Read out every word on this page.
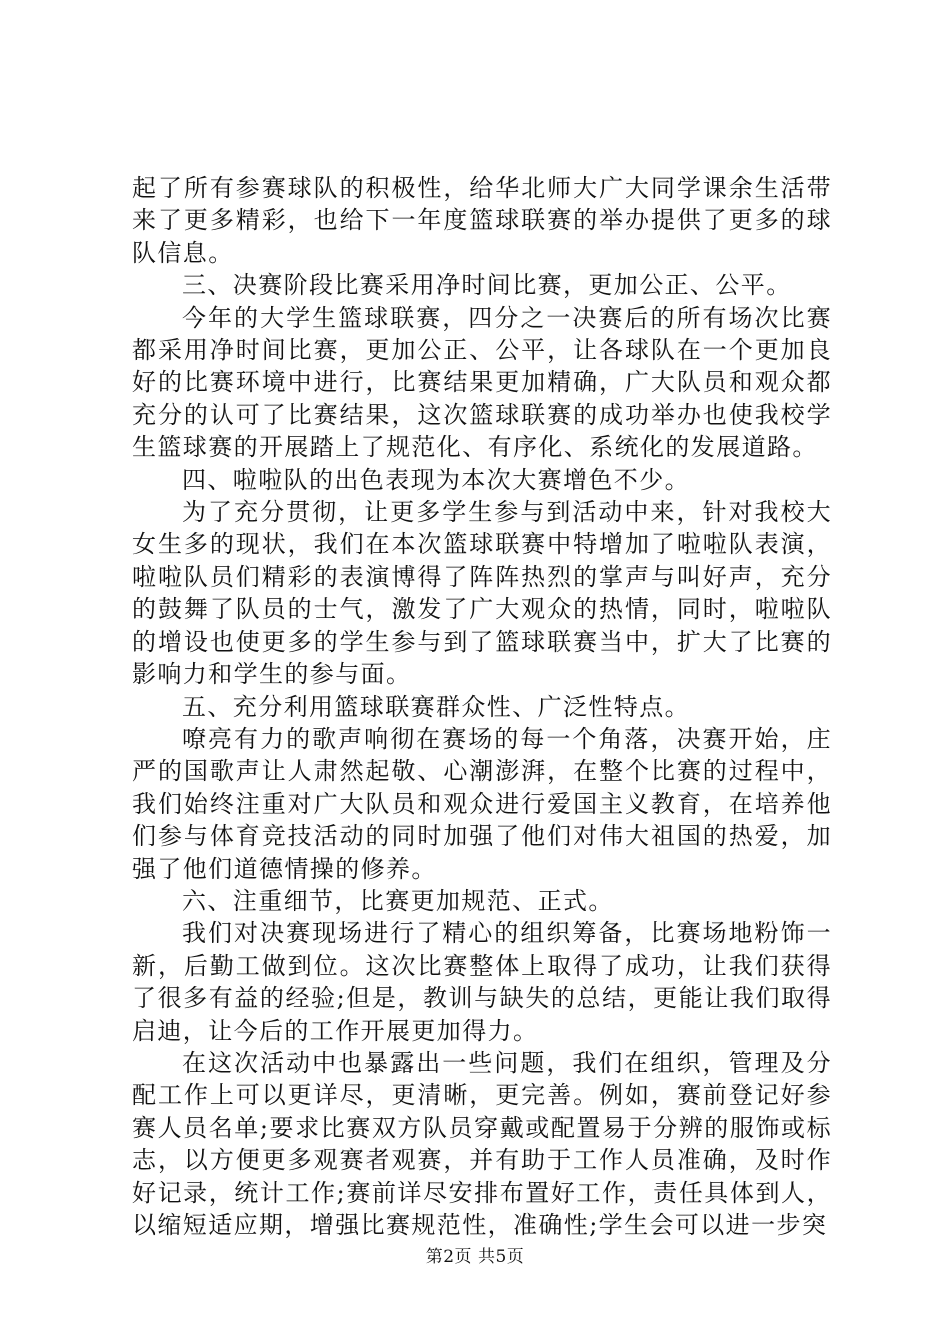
起了所有参赛球队的积极性，给华北师大广大同学课余生活带来了更多精彩，也给下一年度篮球联赛的举办提供了更多的球队信息。

三、决赛阶段比赛采用净时间比赛，更加公正、公平。

今年的大学生篮球联赛，四分之一决赛后的所有场次比赛都采用净时间比赛，更加公正、公平，让各球队在一个更加良好的比赛环境中进行，比赛结果更加精确，广大队员和观众都充分的认可了比赛结果，这次篮球联赛的成功举办也使我校学生篮球赛的开展踏上了规范化、有序化、系统化的发展道路。

四、啦啦队的出色表现为本次大赛增色不少。

为了充分贯彻，让更多学生参与到活动中来，针对我校大女生多的现状，我们在本次篮球联赛中特增加了啦啦队表演，啦啦队员们精彩的表演博得了阵阵热烈的掌声与叫好声，充分的鼓舞了队员的士气，激发了广大观众的热情，同时，啦啦队的增设也使更多的学生参与到了篮球联赛当中，扩大了比赛的影响力和学生的参与面。

五、充分利用篮球联赛群众性、广泛性特点。

嘹亮有力的歌声响彻在赛场的每一个角落，决赛开始，庄严的国歌声让人肃然起敬、心潮澎湃，在整个比赛的过程中，我们始终注重对广大队员和观众进行爱国主义教育，在培养他们参与体育竞技活动的同时加强了他们对伟大祖国的热爱，加强了他们道德情操的修养。

六、注重细节，比赛更加规范、正式。

我们对决赛现场进行了精心的组织筹备，比赛场地粉饰一新，后勤工做到位。这次比赛整体上取得了成功，让我们获得了很多有益的经验;但是，教训与缺失的总结，更能让我们取得启迪，让今后的工作开展更加得力。

在这次活动中也暴露出一些问题，我们在组织，管理及分配工作上可以更详尽，更清晰，更完善。例如，赛前登记好参赛人员名单;要求比赛双方队员穿戴或配置易于分辨的服饰或标志，以方便更多观赛者观赛，并有助于工作人员准确，及时作好记录，统计工作;赛前详尽安排布置好工作，责任具体到人，以缩短适应期，增强比赛规范性，准确性;学生会可以进一步突

第2页 共5页
